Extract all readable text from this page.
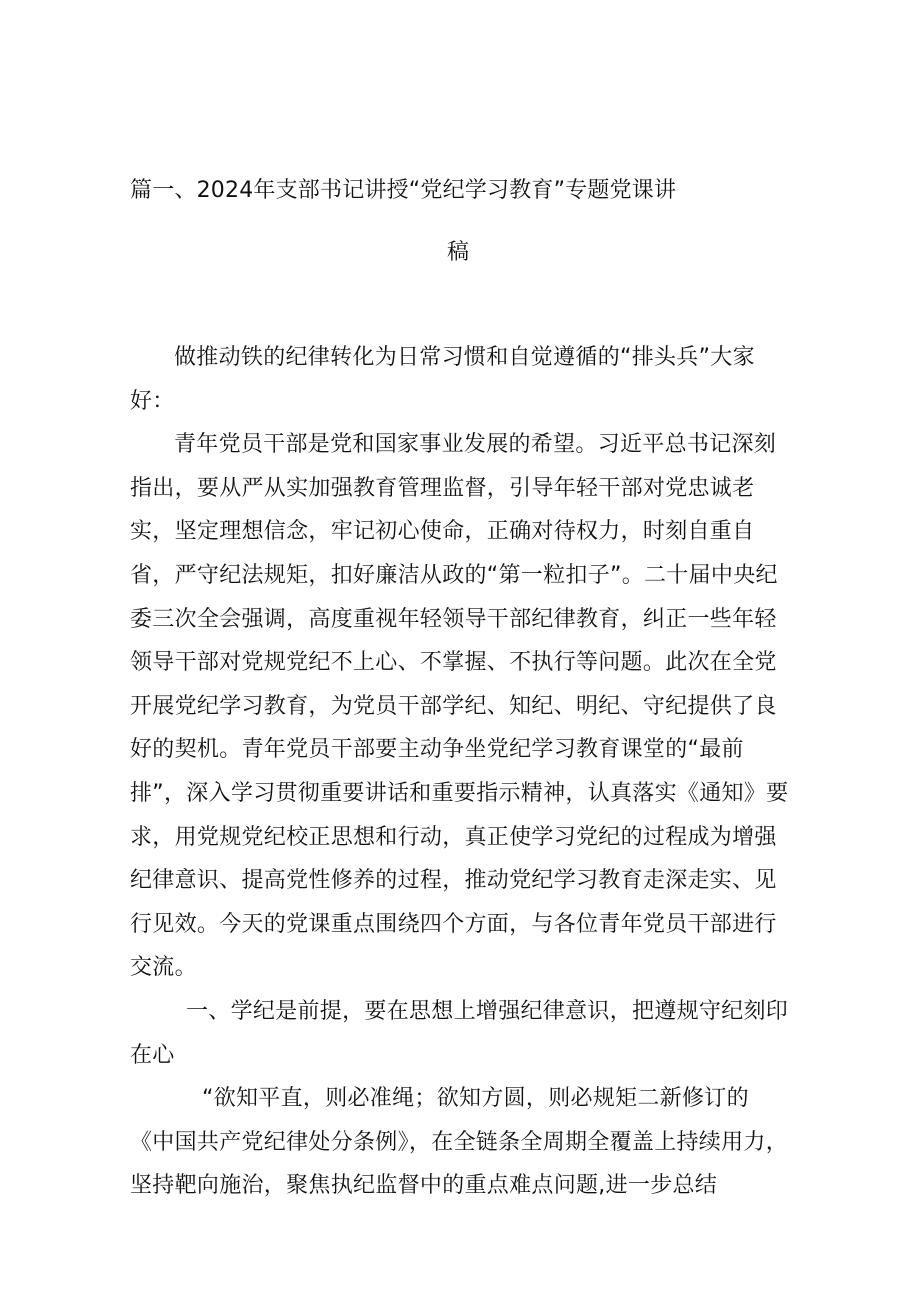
篇一、2024年支部书记讲授“党纪学习教育”专题党课讲
稿

做推动铁的纪律转化为日常习惯和自觉遵循的“排头兵”大家好：

青年党员干部是党和国家事业发展的希望。习近平总书记深刻指出，要从严从实加强教育管理监督，引导年轻干部对党忠诚老实，坚定理想信念，牢记初心使命，正确对待权力，时刻自重自省，严守纪法规矩，扣好廉洁从政的“第一粒扣子”。二十届中央纪委三次全会强调，高度重视年轻领导干部纪律教育，纠正一些年轻领导干部对党规党纪不上心、不掌握、不执行等问题。此次在全党开展党纪学习教育，为党员干部学纪、知纪、明纪、守纪提供了良好的契机。青年党员干部要主动争坐党纪学习教育课堂的“最前排”，深入学习贯彻重要讲话和重要指示精神，认真落实《通知》要求，用党规党纪校正思想和行动，真正使学习党纪的过程成为增强纪律意识、提高党性修养的过程，推动党纪学习教育走深走实、见行见效。今天的党课重点围绕四个方面，与各位青年党员干部进行交流。

一、学纪是前提，要在思想上增强纪律意识，把遵规守纪刻印在心

“欲知平直，则必准绳；欲知方圆，则必规矩二新修订的《中国共产党纪律处分条例》，在全链条全周期全覆盖上持续用力，坚持靶向施治，聚焦执纪监督中的重点难点问题,进一步总结
